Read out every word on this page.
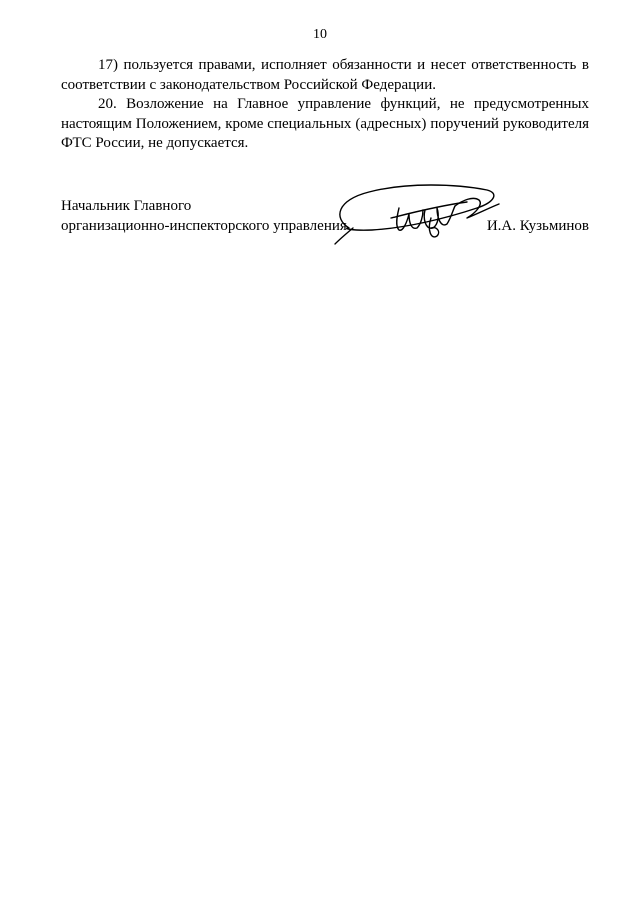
10

17) пользуется правами, исполняет обязанности и несет ответственность в соответствии с законодательством Российской Федерации.

20. Возложение на Главное управление функций, не предусмотренных настоящим Положением, кроме специальных (адресных) поручений руководителя ФТС России, не допускается.

Начальник Главного
организационно-инспекторского управления	И.А. Кузьминов
